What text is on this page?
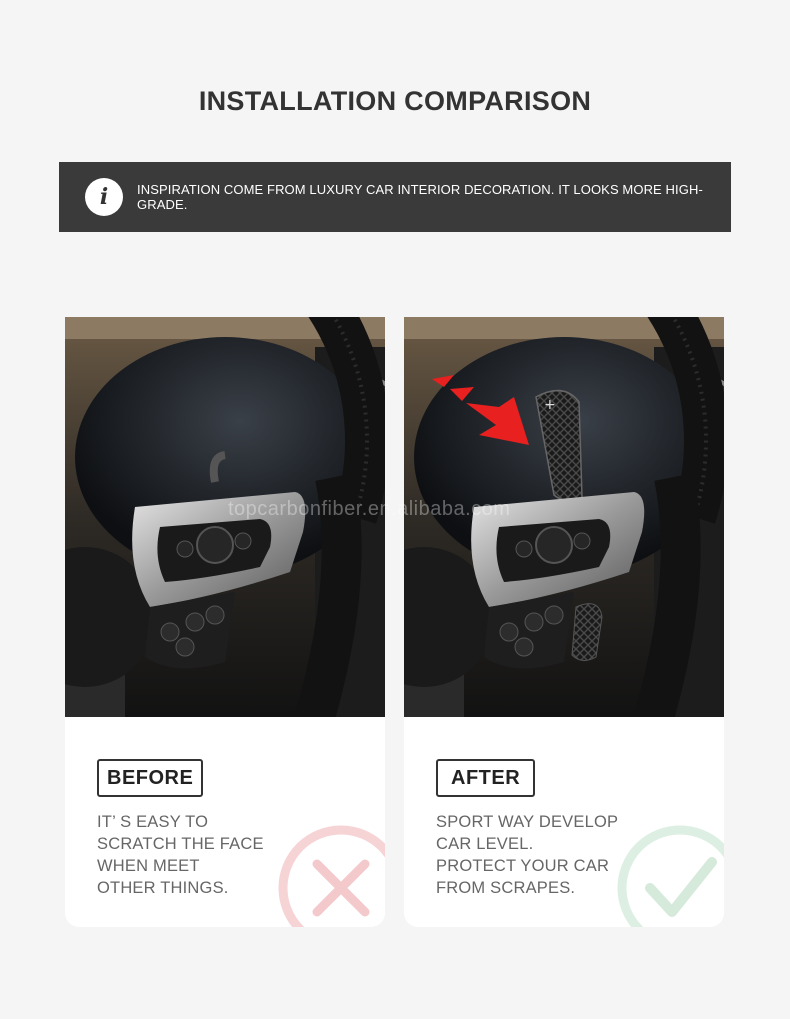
INSTALLATION COMPARISON
i	INSPIRATION COME FROM LUXURY CAR INTERIOR DECORATION. IT LOOKS MORE HIGH-GRADE.
BEFORE
IT’ S EASY TO
SCRATCH THE FACE
WHEN MEET
OTHER THINGS.
+
AFTER
SPORT WAY DEVELOP
CAR LEVEL.
PROTECT YOUR CAR
FROM SCRAPES.
topcarbonfiber.en.alibaba.com
